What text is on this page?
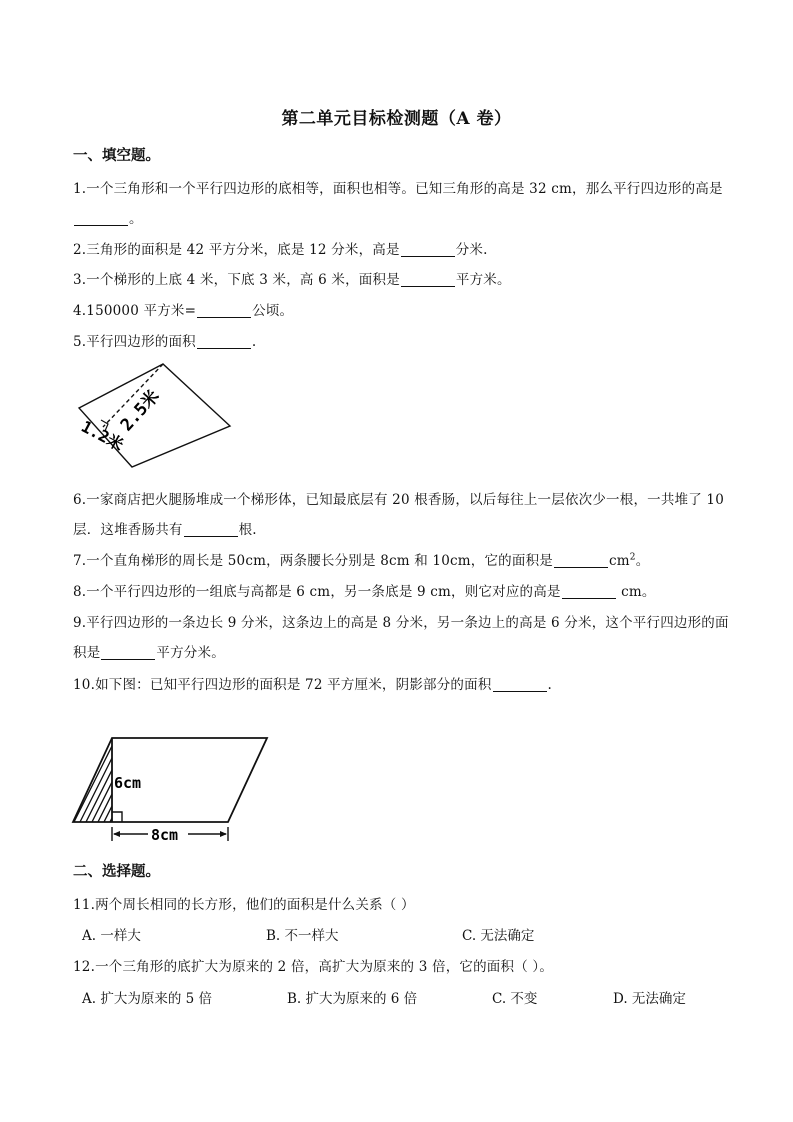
第二单元目标检测题（A 卷）
一、填空题。
1.一个三角形和一个平行四边形的底相等，面积也相等。已知三角形的高是 32 cm，那么平行四边形的高是
。
2.三角形的面积是 42 平方分米，底是 12 分米，高是	分米.
3.一个梯形的上底 4 米，下底 3 米，高 6 米，面积是	平方米。
4.150000 平方米=	公顷。
5.平行四边形的面积	.
2.5米
1.2米
6.一家商店把火腿肠堆成一个梯形体，已知最底层有 20 根香肠，以后每往上一层依次少一根，一共堆了 10
层．这堆香肠共有	根.
7.一个直角梯形的周长是 50cm，两条腰长分别是 8cm 和 10cm，它的面积是	$cm^2$。
8.一个平行四边形的一组底与高都是 6 cm，另一条底是 9 cm，则它对应的高是	cm。
9.平行四边形的一条边长 9 分米，这条边上的高是 8 分米，另一条边上的高是 6 分米，这个平行四边形的面
积是	平方分米。
10.如下图：已知平行四边形的面积是 72 平方厘米，阴影部分的面积	.
6cm
8cm
二、选择题。
11.两个周长相同的长方形，他们的面积是什么关系（ ）
A. 一样大	B. 不一样大	C. 无法确定
12.一个三角形的底扩大为原来的 2 倍，高扩大为原来的 3 倍，它的面积（ ）。
A. 扩大为原来的 5 倍	B. 扩大为原来的 6 倍	C. 不变	D. 无法确定
